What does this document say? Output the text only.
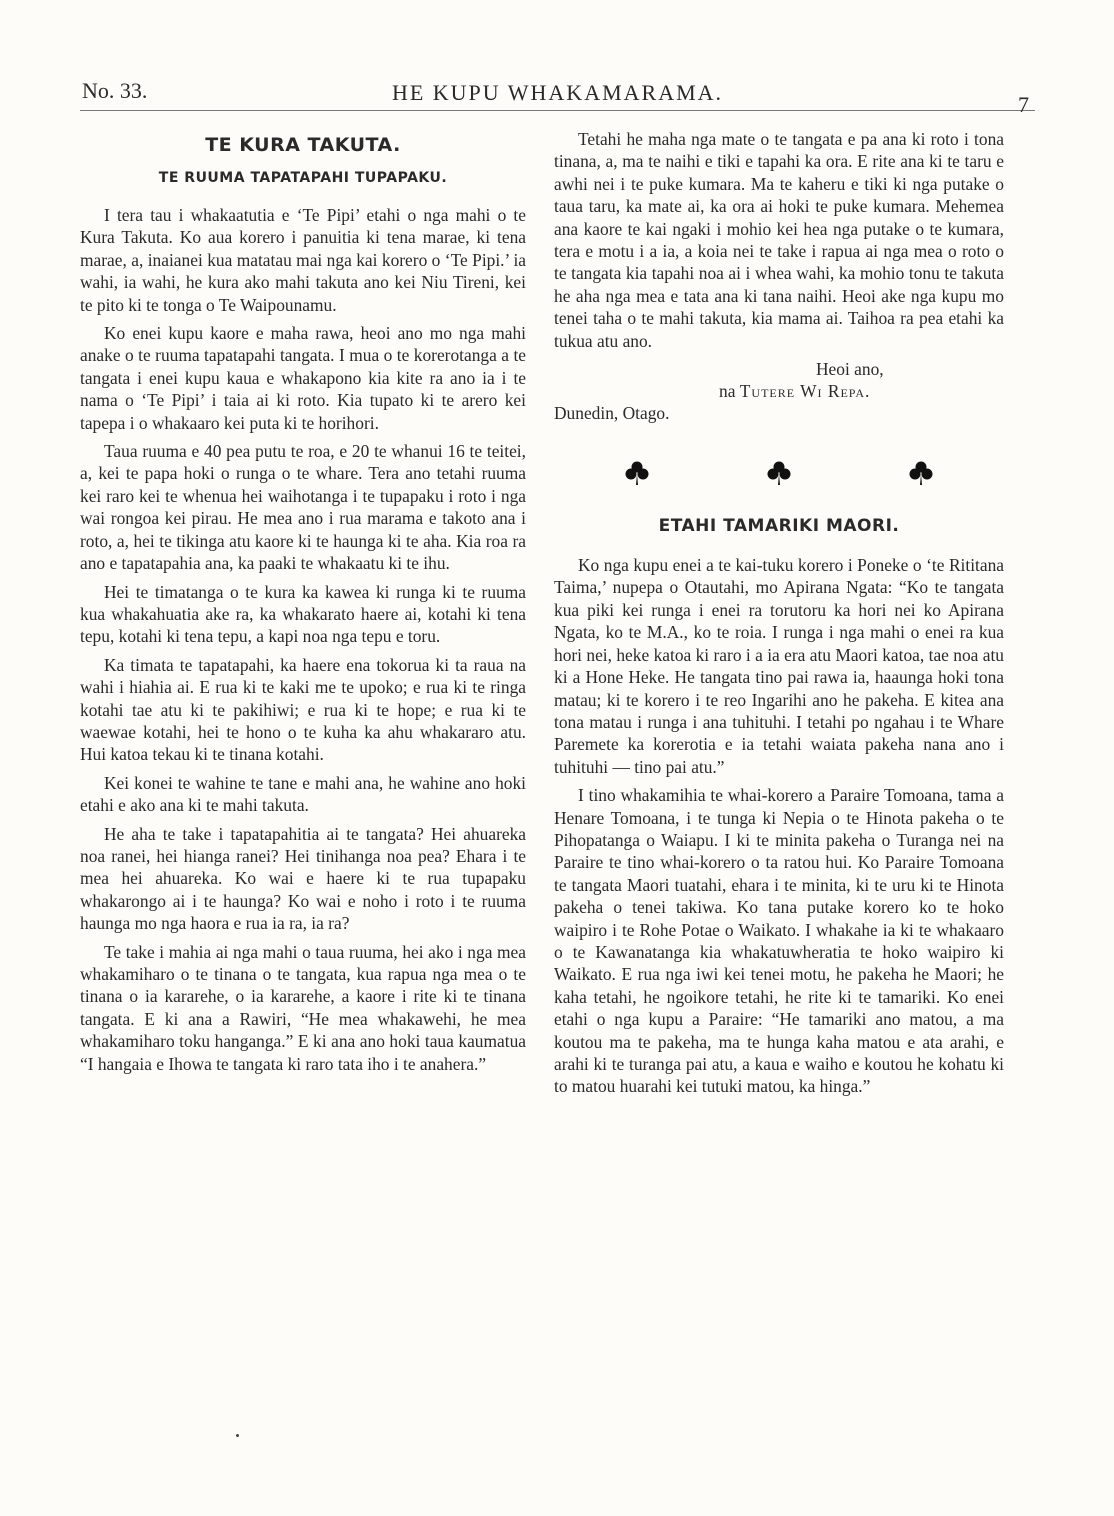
No. 33.	HE KUPU WHAKAMARAMA.	7
TE KURA TAKUTA.
TE RUUMA TAPATAPAHI TUPAPAKU.

I tera tau i whakaatutia e ‘Te Pipi’ etahi o nga mahi o te Kura Takuta. Ko aua korero i panuitia ki tena marae, ki tena marae, a, inaianei kua matatau mai nga kai korero o ‘Te Pipi.’ ia wahi, ia wahi, he kura ako mahi takuta ano kei Niu Tireni, kei te pito ki te tonga o Te Waipounamu.

Ko enei kupu kaore e maha rawa, heoi ano mo nga mahi anake o te ruuma tapatapahi tangata. I mua o te korerotanga a te tangata i enei kupu kaua e whakapono kia kite ra ano ia i te nama o ‘Te Pipi’ i taia ai ki roto. Kia tupato ki te arero kei tapepa i o whakaaro kei puta ki te horihori.

Taua ruuma e 40 pea putu te roa, e 20 te whanui 16 te teitei, a, kei te papa hoki o runga o te whare. Tera ano tetahi ruuma kei raro kei te whenua hei waihotanga i te tupapaku i roto i nga wai rongoa kei pirau. He mea ano i rua marama e takoto ana i roto, a, hei te tikinga atu kaore ki te haunga ki te aha. Kia roa ra ano e tapatapahia ana, ka paaki te whakaatu ki te ihu.

Hei te timatanga o te kura ka kawea ki runga ki te ruuma kua whakahuatia ake ra, ka whakarato haere ai, kotahi ki tena tepu, kotahi ki tena tepu, a kapi noa nga tepu e toru.

Ka timata te tapatapahi, ka haere ena tokorua ki ta raua na wahi i hiahia ai. E rua ki te kaki me te upoko; e rua ki te ringa kotahi tae atu ki te pakihiwi; e rua ki te hope; e rua ki te waewae kotahi, hei te hono o te kuha ka ahu whakararo atu. Hui katoa tekau ki te tinana kotahi.

Kei konei te wahine te tane e mahi ana, he wahine ano hoki etahi e ako ana ki te mahi takuta.

He aha te take i tapatapahitia ai te tangata? Hei ahuareka noa ranei, hei hianga ranei? Hei tinihanga noa pea? Ehara i te mea hei ahuareka. Ko wai e haere ki te rua tupapaku whakarongo ai i te haunga? Ko wai e noho i roto i te ruuma haunga mo nga haora e rua ia ra, ia ra?

Te take i mahia ai nga mahi o taua ruuma, hei ako i nga mea whakamiharo o te tinana o te tangata, kua rapua nga mea o te tinana o ia kararehe, o ia kararehe, a kaore i rite ki te tinana tangata. E ki ana a Rawiri, “He mea whakawehi, he mea whakamiharo toku hanganga.” E ki ana ano hoki taua kaumatua “I hangaia e Ihowa te tangata ki raro tata iho i te anahera.”

Tetahi he maha nga mate o te tangata e pa ana ki roto i tona tinana, a, ma te naihi e tiki e tapahi ka ora. E rite ana ki te taru e awhi nei i te puke kumara. Ma te kaheru e tiki ki nga putake o taua taru, ka mate ai, ka ora ai hoki te puke kumara. Mehemea ana kaore te kai ngaki i mohio kei hea nga putake o te kumara, tera e motu i a ia, a koia nei te take i rapua ai nga mea o roto o te tangata kia tapahi noa ai i whea wahi, ka mohio tonu te takuta he aha nga mea e tata ana ki tana naihi. Heoi ake nga kupu mo tenei taha o te mahi takuta, kia mama ai. Taihoa ra pea etahi ka tukua atu ano.

Heoi ano,
na Tutere Wi Repa.
Dunedin, Otago.
ETAHI TAMARIKI MAORI.

Ko nga kupu enei a te kai-tuku korero i Poneke o ‘te Rititana Taima,’ nupepa o Otautahi, mo Apirana Ngata: “Ko te tangata kua piki kei runga i enei ra torutoru ka hori nei ko Apirana Ngata, ko te M.A., ko te roia. I runga i nga mahi o enei ra kua hori nei, heke katoa ki raro i a ia era atu Maori katoa, tae noa atu ki a Hone Heke. He tangata tino pai rawa ia, haaunga hoki tona matau; ki te korero i te reo Ingarihi ano he pakeha. E kitea ana tona matau i runga i ana tuhituhi. I tetahi po ngahau i te Whare Paremete ka korerotia e ia tetahi waiata pakeha nana ano i tuhituhi — tino pai atu.”

I tino whakamihia te whai-korero a Paraire Tomoana, tama a Henare Tomoana, i te tunga ki Nepia o te Hinota pakeha o te Pihopatanga o Waiapu. I ki te minita pakeha o Turanga nei na Paraire te tino whai-korero o ta ratou hui. Ko Paraire Tomoana te tangata Maori tuatahi, ehara i te minita, ki te uru ki te Hinota pakeha o tenei takiwa. Ko tana putake korero ko te hoko waipiro i te Rohe Potae o Waikato. I whakahe ia ki te whakaaro o te Kawanatanga kia whakatuwheratia te hoko waipiro ki Waikato. E rua nga iwi kei tenei motu, he pakeha he Maori; he kaha tetahi, he ngoikore tetahi, he rite ki te tamariki. Ko enei etahi o nga kupu a Paraire: “He tamariki ano matou, a ma koutou ma te pakeha, ma te hunga kaha matou e ata arahi, e arahi ki te turanga pai atu, a kaua e waiho e koutou he kohatu ki to matou huarahi kei tutuki matou, ka hinga.”
